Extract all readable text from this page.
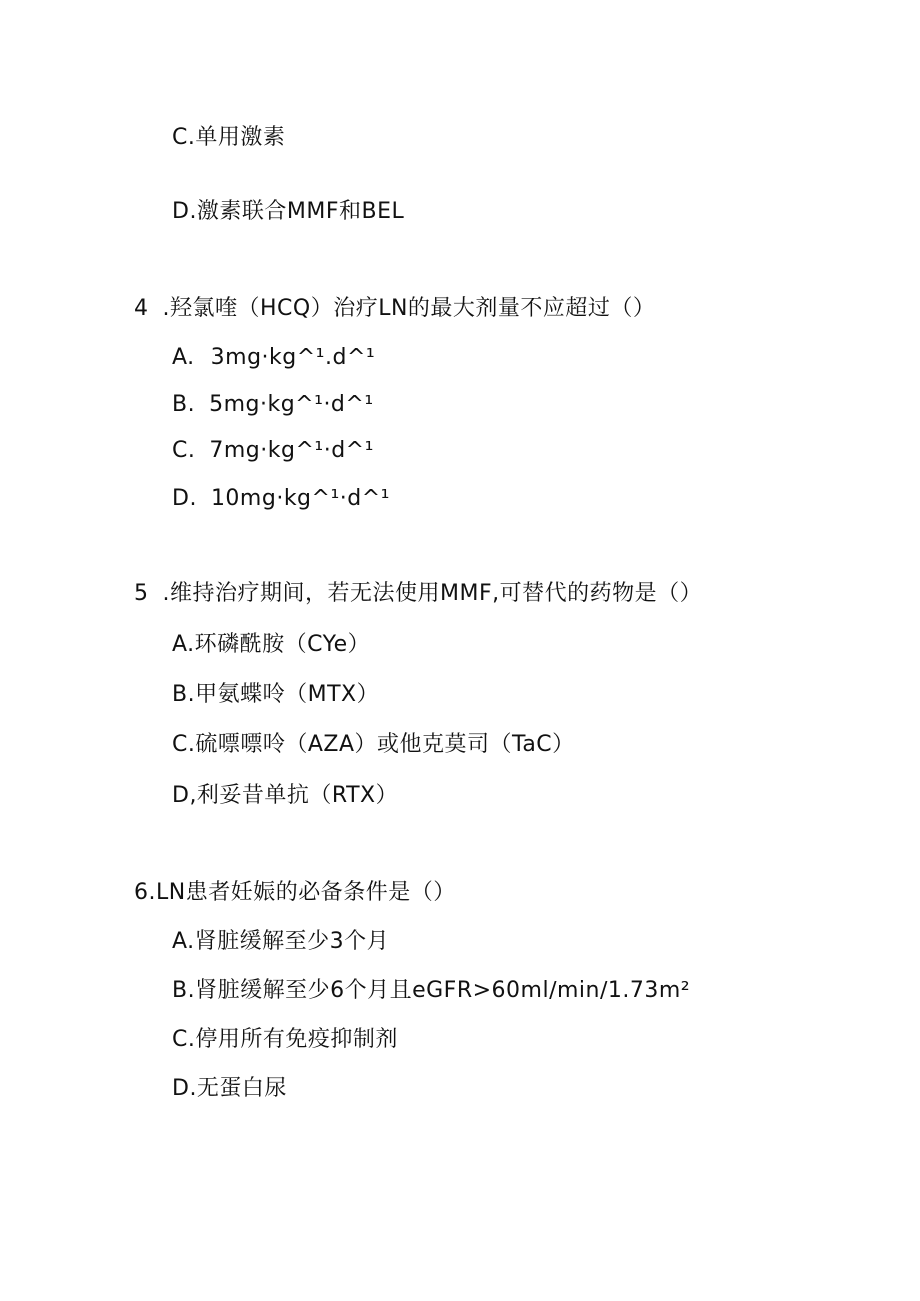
C.单用激素
D.激素联合MMF和BEL
4 .羟氯喹（HCQ）治疗LN的最大剂量不应超过（）
A. 3mg·kg^¹.d^¹
B. 5mg·kg^¹·d^¹
C. 7mg·kg^¹·d^¹
D. 10mg·kg^¹·d^¹
5 .维持治疗期间，若无法使用MMF,可替代的药物是（）
A.环磷酰胺（CYe）
B.甲氨蝶呤（MTX）
C.硫嘌嘌呤（AZA）或他克莫司（TaC）
D,利妥昔单抗（RTX）
6.LN患者妊娠的必备条件是（）
A.肾脏缓解至少3个月
B.肾脏缓解至少6个月且eGFR>60ml∕min∕1.73m²
C.停用所有免疫抑制剂
D.无蛋白尿
